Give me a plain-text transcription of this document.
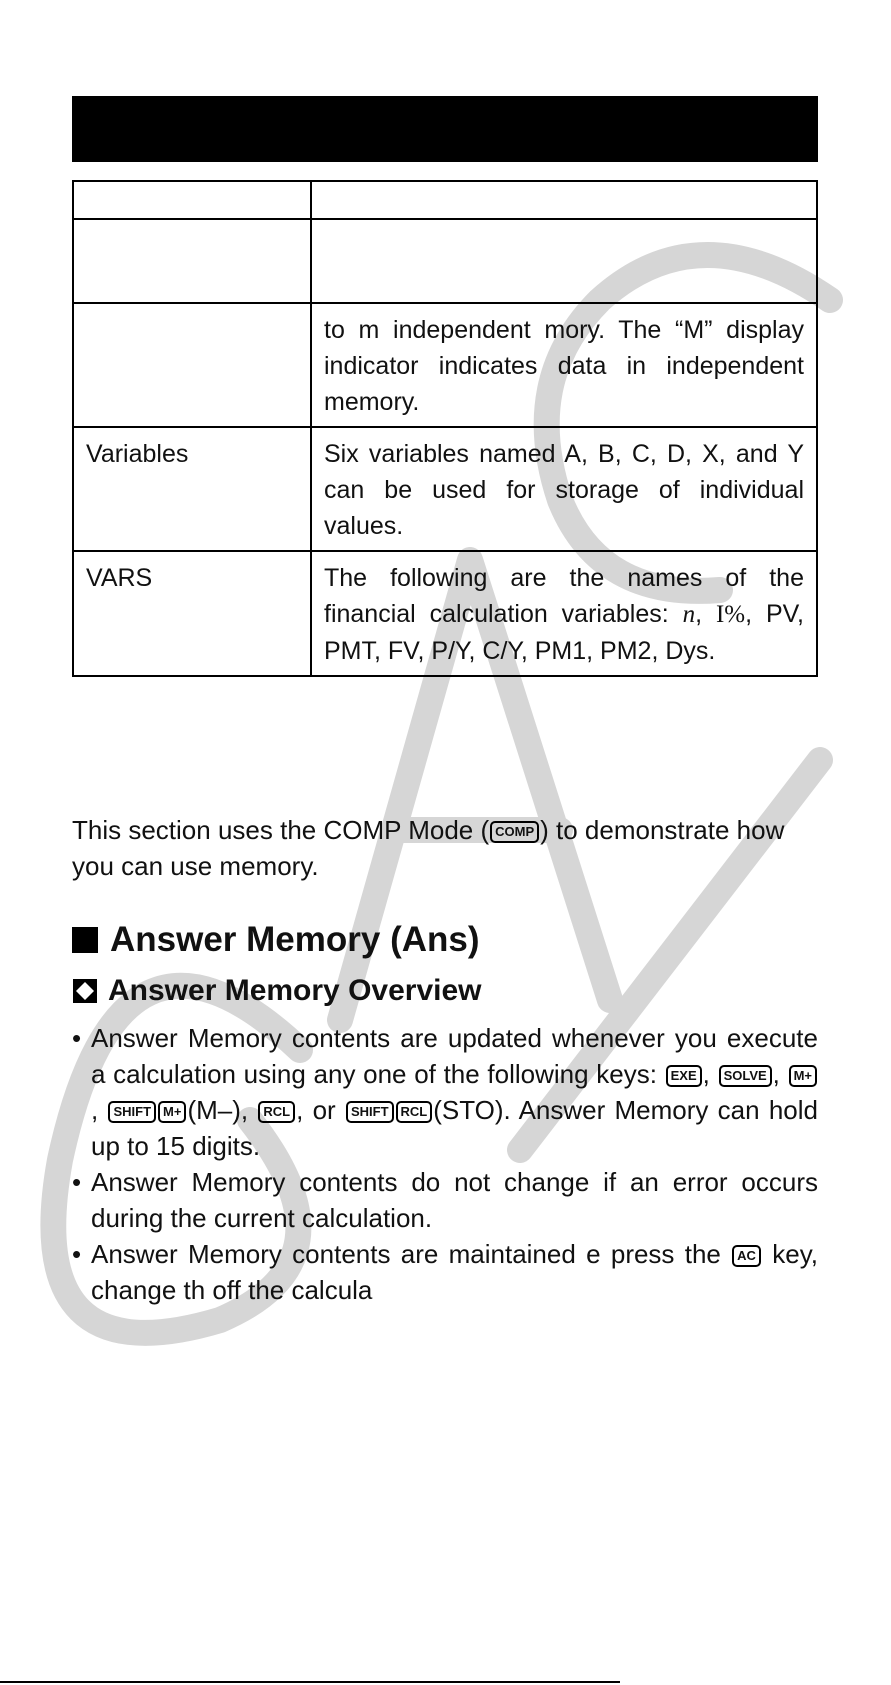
	to m independent mory. The “M” display indicator indicates data in independent memory.
Variables	Six variables named A, B, C, D, X, and Y can be used for storage of individual values.
VARS	The following are the names of the financial calculation variables: n, I%, PV, PMT, FV, P/Y, C/Y, PM1, PM2, Dys.
This section uses the COMP Mode ( COMP ) to demonstrate how you can use memory.
Answer Memory (Ans)
Answer Memory Overview
• Answer Memory contents are updated whenever you execute a calculation using any one of the following keys: EXE , SOLVE , M+, SHIFT M+ (M–), RCL , or SHIFT RCL (STO). Answer Memory can hold up to 15 digits.
• Answer Memory contents do not change if an error occurs during the current calculation.
• Answer Memory contents are maintained e press the AC key, change th off the calcula
